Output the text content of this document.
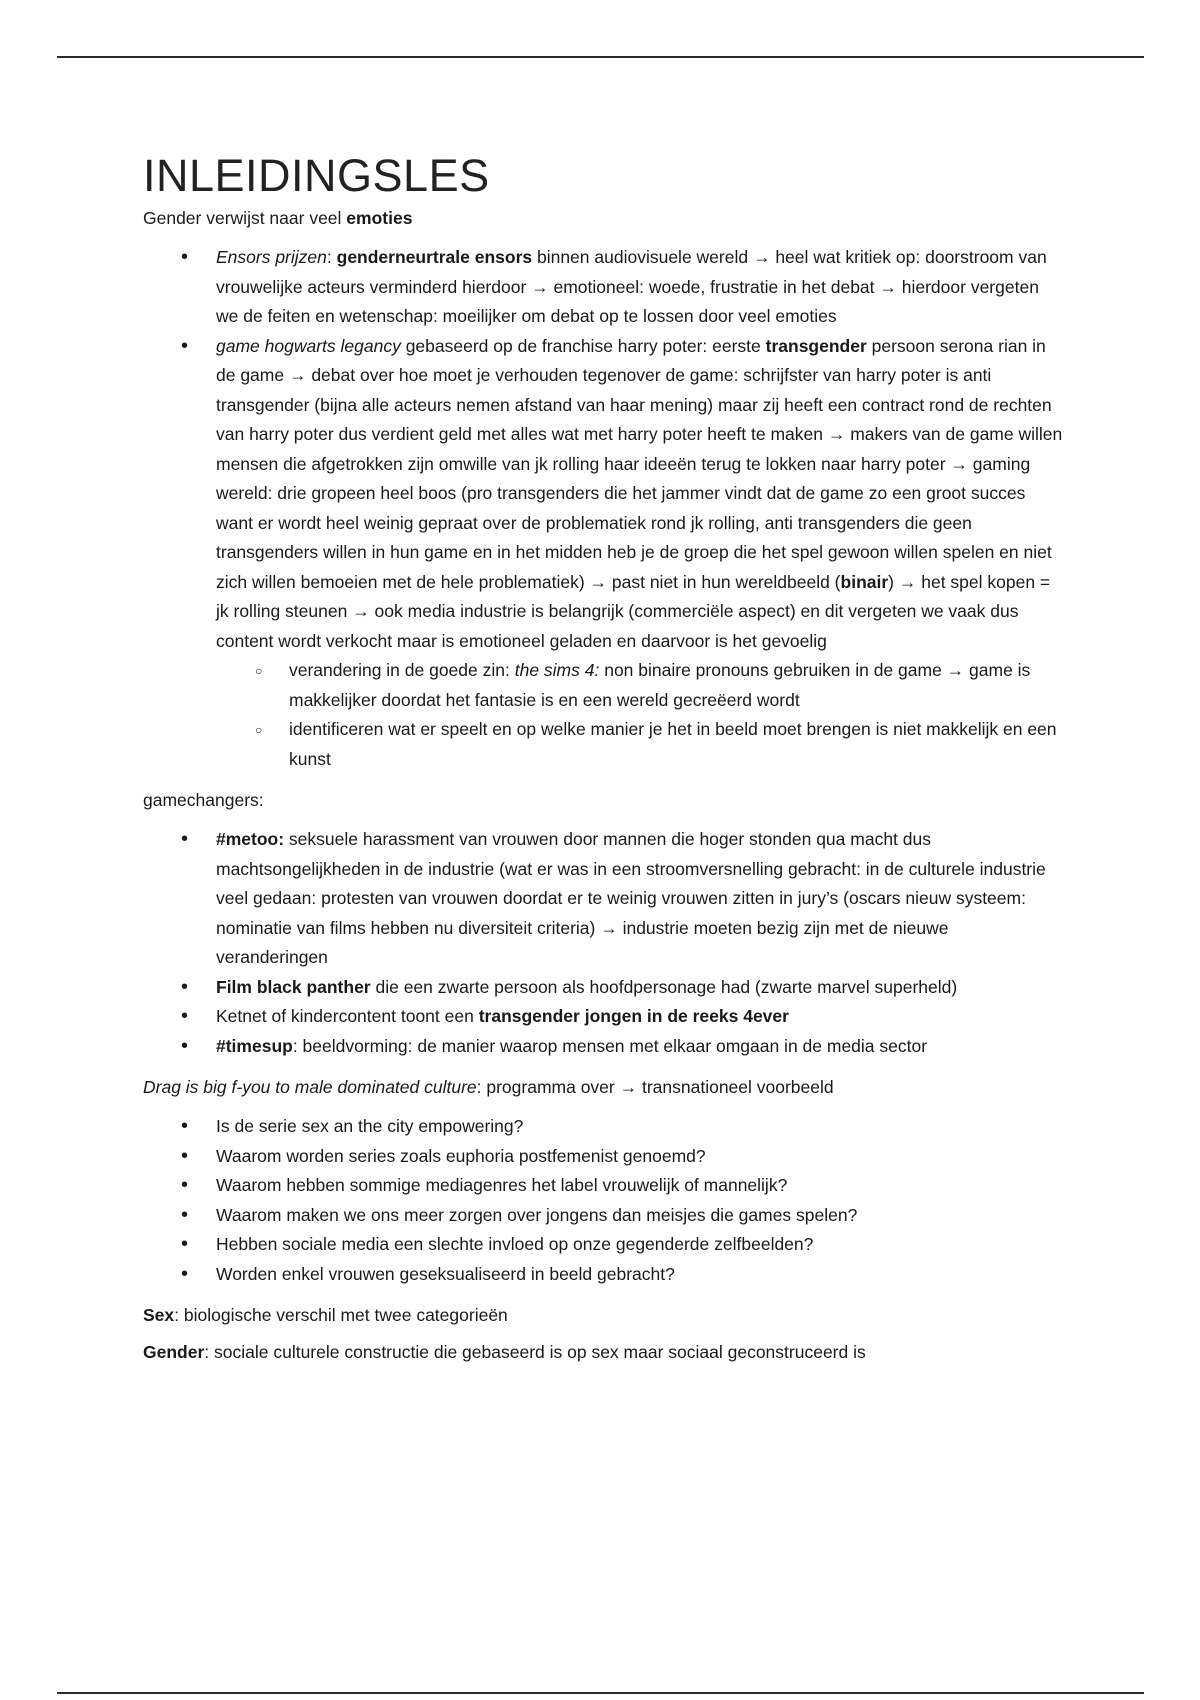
INLEIDINGSLES

Gender verwijst naar veel emoties

• Ensors prijzen: genderneurtrale ensors binnen audiovisuele wereld → heel wat kritiek op: doorstroom van vrouwelijke acteurs verminderd hierdoor → emotioneel: woede, frustratie in het debat → hierdoor vergeten we de feiten en wetenschap: moeilijker om debat op te lossen door veel emoties
• game hogwarts legancy gebaseerd op de franchise harry poter: eerste transgender persoon serona rian in de game → debat over hoe moet je verhouden tegenover de game: schrijfster van harry poter is anti transgender (bijna alle acteurs nemen afstand van haar mening) maar zij heeft een contract rond de rechten van harry poter dus verdient geld met alles wat met harry poter heeft te maken → makers van de game willen mensen die afgetrokken zijn omwille van jk rolling haar ideeën terug te lokken naar harry poter → gaming wereld: drie gropeen heel boos (pro transgenders die het jammer vindt dat de game zo een groot succes want er wordt heel weinig gepraat over de problematiek rond jk rolling, anti transgenders die geen transgenders willen in hun game en in het midden heb je de groep die het spel gewoon willen spelen en niet zich willen bemoeien met de hele problematiek) → past niet in hun wereldbeeld (binair) → het spel kopen = jk rolling steunen → ook media industrie is belangrijk (commerciële aspect) en dit vergeten we vaak dus content wordt verkocht maar is emotioneel geladen en daarvoor is het gevoelig
○ verandering in de goede zin: the sims 4: non binaire pronouns gebruiken in de game → game is makkelijker doordat het fantasie is en een wereld gecreëerd wordt
○ identificeren wat er speelt en op welke manier je het in beeld moet brengen is niet makkelijk en een kunst

gamechangers:

• #metoo: seksuele harassment van vrouwen door mannen die hoger stonden qua macht dus machtsongelijkheden in de industrie (wat er was in een stroomversnelling gebracht: in de culturele industrie veel gedaan: protesten van vrouwen doordat er te weinig vrouwen zitten in jury’s (oscars nieuw systeem: nominatie van films hebben nu diversiteit criteria) → industrie moeten bezig zijn met de nieuwe veranderingen
• Film black panther die een zwarte persoon als hoofdpersonage had (zwarte marvel superheld)
• Ketnet of kindercontent toont een transgender jongen in de reeks 4ever
• #timesup: beeldvorming: de manier waarop mensen met elkaar omgaan in de media sector

Drag is big f-you to male dominated culture: programma over → transnationeel voorbeeld

• Is de serie sex an the city empowering?
• Waarom worden series zoals euphoria postfemenist genoemd?
• Waarom hebben sommige mediagenres het label vrouwelijk of mannelijk?
• Waarom maken we ons meer zorgen over jongens dan meisjes die games spelen?
• Hebben sociale media een slechte invloed op onze gegenderde zelfbeelden?
• Worden enkel vrouwen geseksualiseerd in beeld gebracht?

Sex: biologische verschil met twee categorieën

Gender: sociale culturele constructie die gebaseerd is op sex maar sociaal geconstruceerd is
